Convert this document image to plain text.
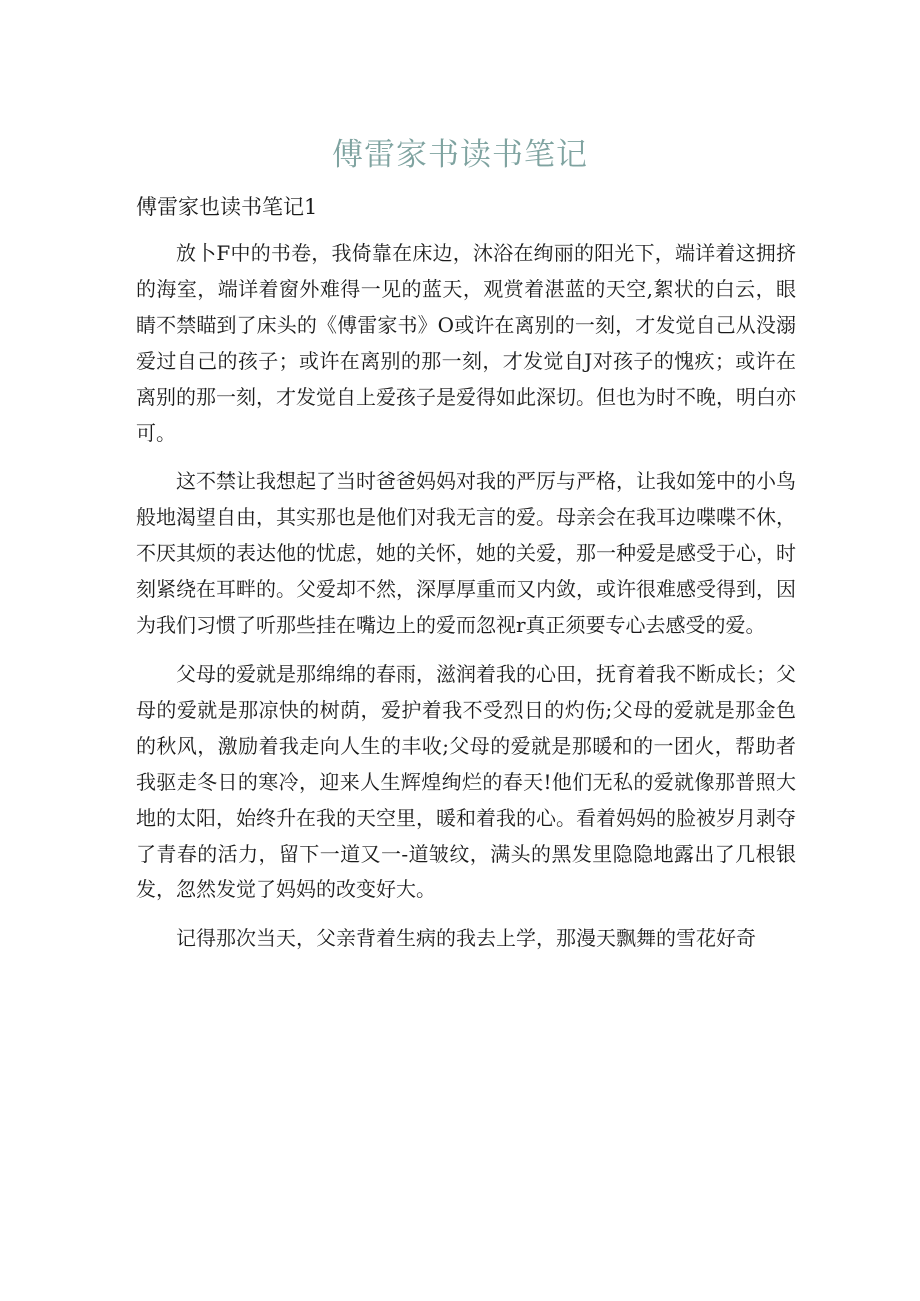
傅雷家书读书笔记
傅雷家也读书笔记1

放卜F中的书卷，我倚靠在床边，沐浴在绚丽的阳光下，端详着这拥挤的海室，端详着窗外难得一见的蓝天，观赏着湛蓝的天空,絮状的白云，眼睛不禁瞄到了床头的《傅雷家书》O或许在离别的一刻，才发觉自己从没溺爱过自己的孩子；或许在离别的那一刻，才发觉自J对孩子的愧疚；或许在离别的那一刻，才发觉自上爱孩子是爱得如此深切。但也为时不晚，明白亦可。

这不禁让我想起了当时爸爸妈妈对我的严厉与严格，让我如笼中的小鸟般地渴望自由，其实那也是他们对我无言的爱。母亲会在我耳边喋喋不休，不厌其烦的表达他的忧虑，她的关怀，她的关爱，那一种爱是感受于心，时刻紧绕在耳畔的。父爱却不然，深厚厚重而又内敛，或许很难感受得到，因为我们习惯了听那些挂在嘴边上的爱而忽视r真正须要专心去感受的爱。

父母的爱就是那绵绵的春雨，滋润着我的心田，抚育着我不断成长；父母的爱就是那凉快的树荫，爱护着我不受烈日的灼伤;父母的爱就是那金色的秋风，激励着我走向人生的丰收;父母的爱就是那暖和的一团火，帮助者我驱走冬日的寒冷，迎来人生辉煌绚烂的春天!他们无私的爱就像那普照大地的太阳，始终升在我的天空里，暖和着我的心。看着妈妈的脸被岁月剥夺了青春的活力，留下一道又一-道皱纹，满头的黑发里隐隐地露出了几根银发，忽然发觉了妈妈的改变好大。

记得那次当天，父亲背着生病的我去上学，那漫天飘舞的雪花好奇
